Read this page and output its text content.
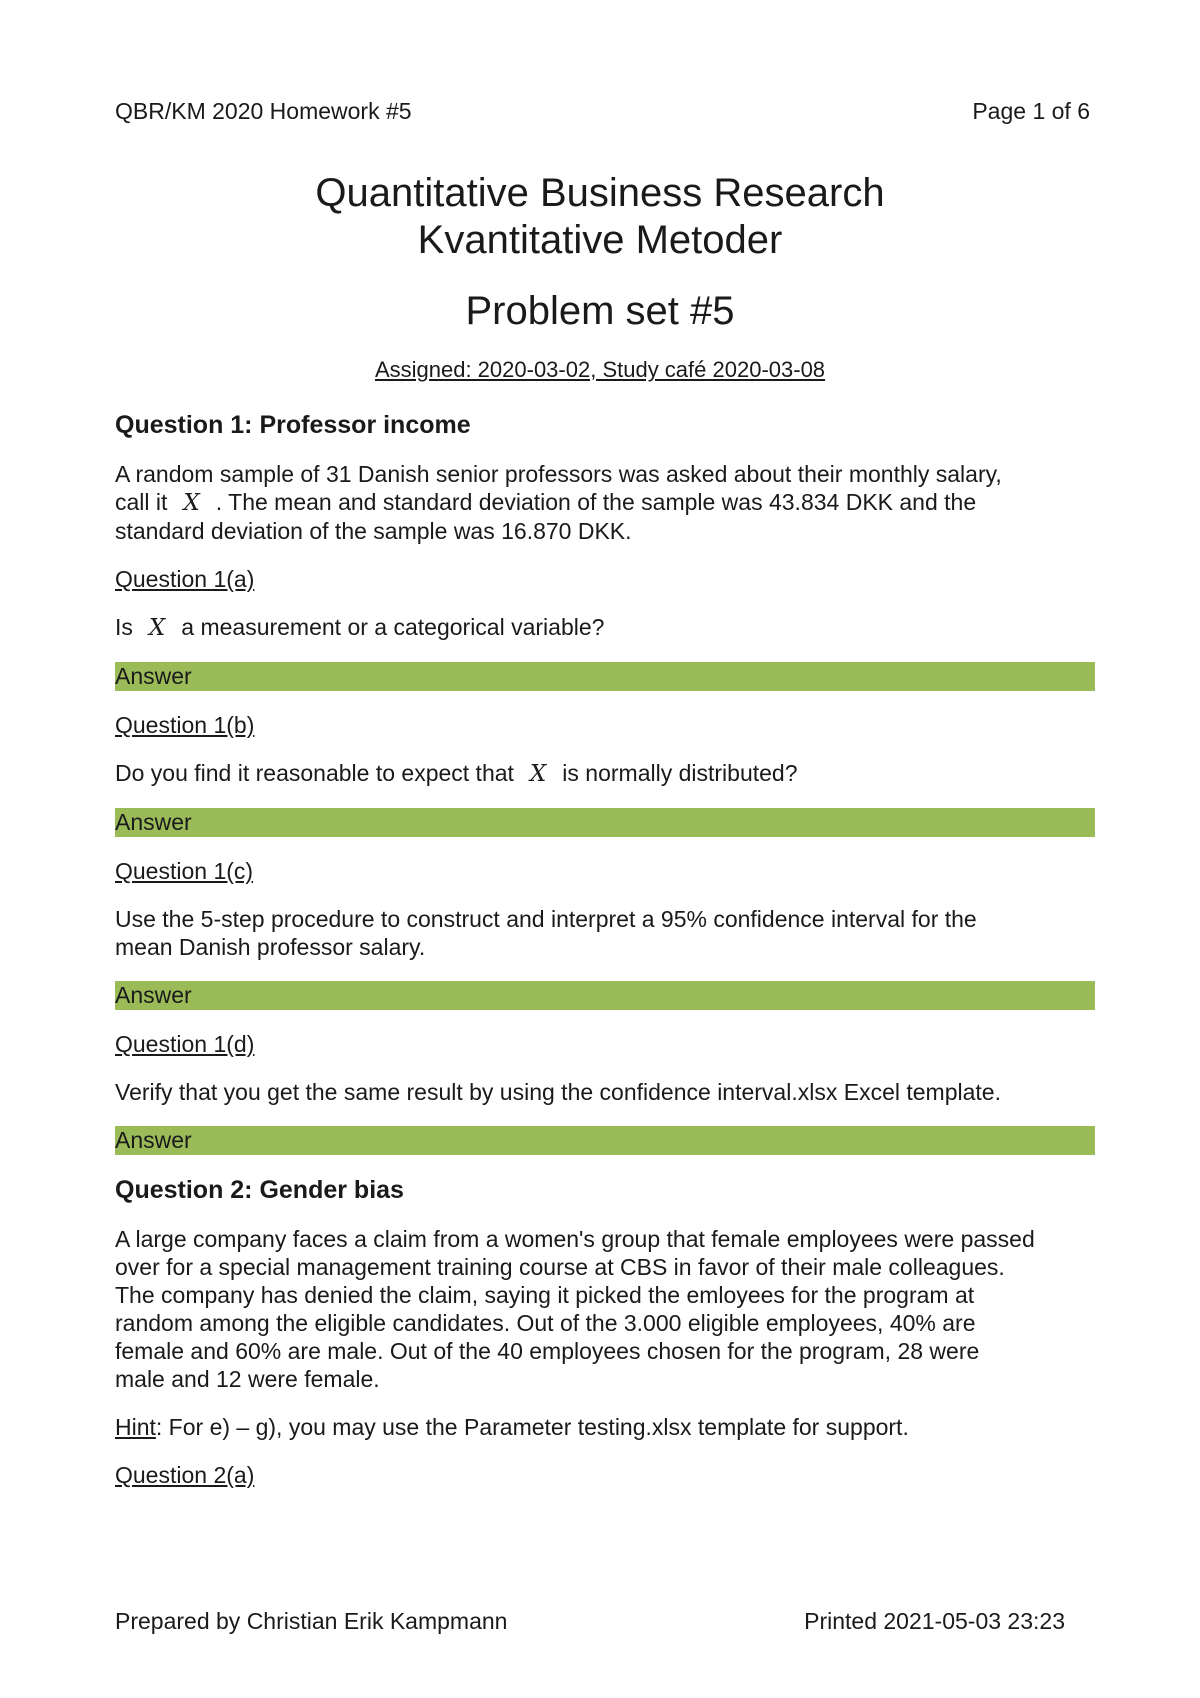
QBR/KM 2020 Homework #5	Page 1 of 6
Quantitative Business Research
Kvantitative Metoder
Problem set #5
Assigned: 2020-03-02, Study café 2020-03-08

Question 1: Professor income

A random sample of 31 Danish senior professors was asked about their monthly salary,

call it X . The mean and standard deviation of the sample was 43.834 DKK and the

standard deviation of the sample was 16.870 DKK.

Question 1(a)

Is X a measurement or a categorical variable?

Answer

Question 1(b)

Do you find it reasonable to expect that X is normally distributed?

Answer

Question 1(c)

Use the 5-step procedure to construct and interpret a 95% confidence interval for the

mean Danish professor salary.

Answer

Question 1(d)

Verify that you get the same result by using the confidence interval.xlsx Excel template.

Answer

Question 2: Gender bias

A large company faces a claim from a women's group that female employees were passed

over for a special management training course at CBS in favor of their male colleagues.

The company has denied the claim, saying it picked the emloyees for the program at

random among the eligible candidates. Out of the 3.000 eligible employees, 40% are

female and 60% are male. Out of the 40 employees chosen for the program, 28 were

male and 12 were female.

Hint: For e) – g), you may use the Parameter testing.xlsx template for support.

Question 2(a)

Prepared by Christian Erik Kampmann	Printed 2021-05-03 23:23
